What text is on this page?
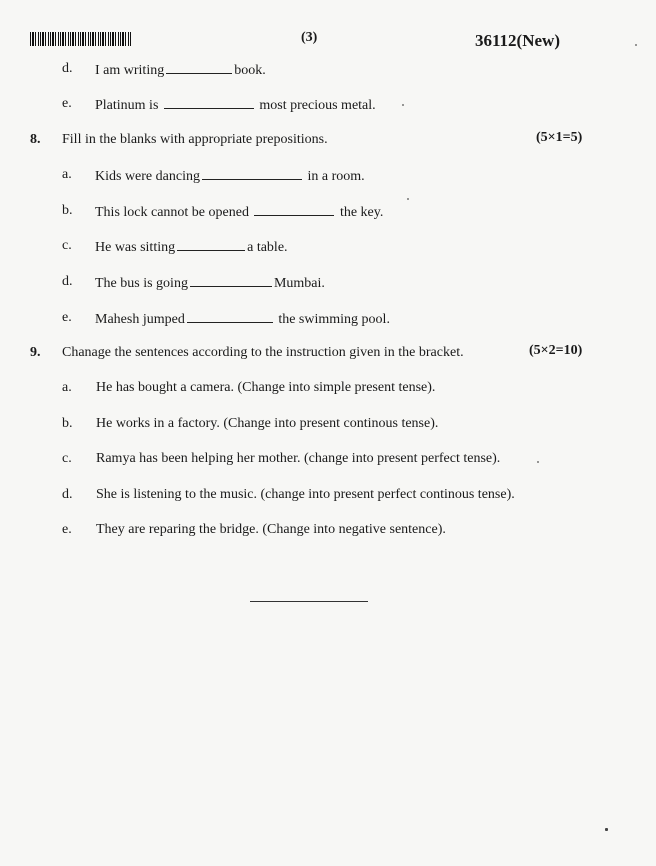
(3)	36112(New)
d. I am writing	book.
e. Platinum is	most precious metal.
8. Fill in the blanks with appropriate prepositions.	(5×1=5)
a. Kids were dancing	in a room.
b. This lock cannot be opened	the key.
c. He was sitting	a table.
d. The bus is going	Mumbai.
e. Mahesh jumped	the swimming pool.
9. Chanage the sentences according to the instruction given in the bracket.	(5×2=10)
a. He has bought a camera. (Change into simple present tense).
b. He works in a factory. (Change into present continous tense).
c. Ramya has been helping her mother. (change into present perfect tense).
d. She is listening to the music. (change into present perfect continous tense).
e. They are reparing the bridge. (Change into negative sentence).
